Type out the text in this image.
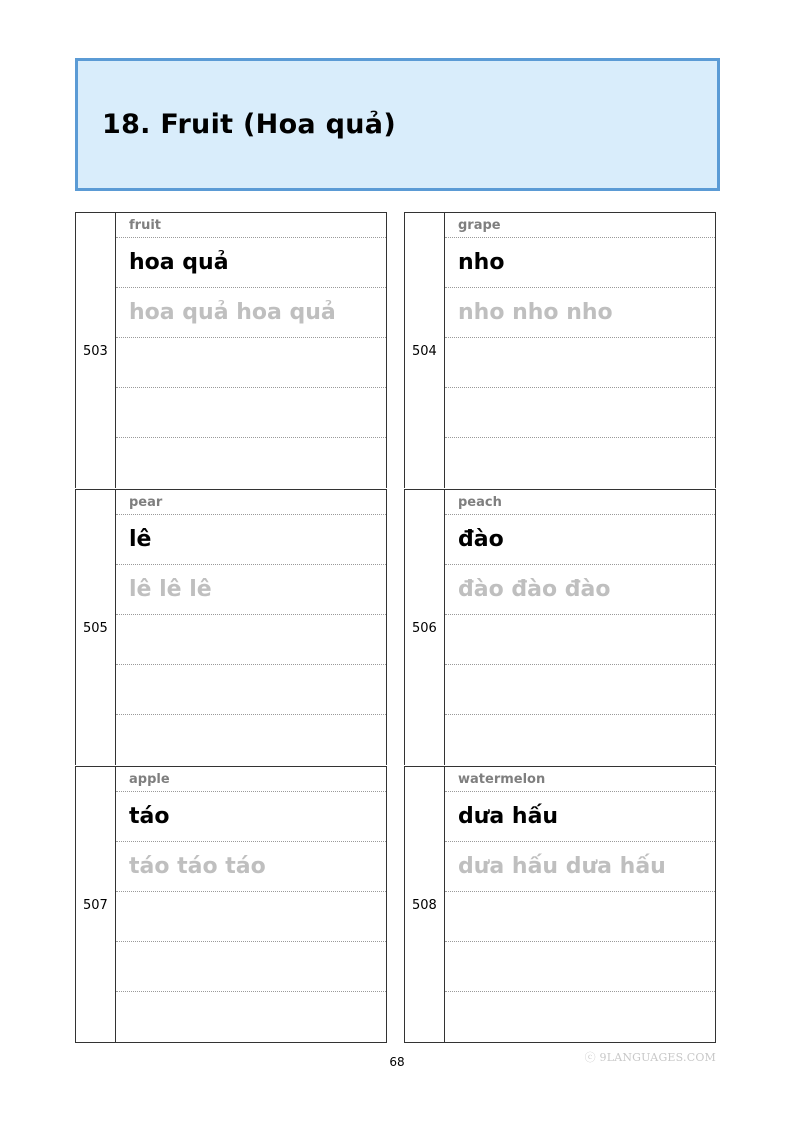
18. Fruit (Hoa quả)
503
fruit
hoa quả
hoa quả hoa quả
504
grape
nho
nho nho nho
505
pear
lê
lê lê lê
506
peach
đào
đào đào đào
507
apple
táo
táo táo táo
508
watermelon
dưa hấu
dưa hấu dưa hấu
ⓒ 9LANGUAGES.COM
68
